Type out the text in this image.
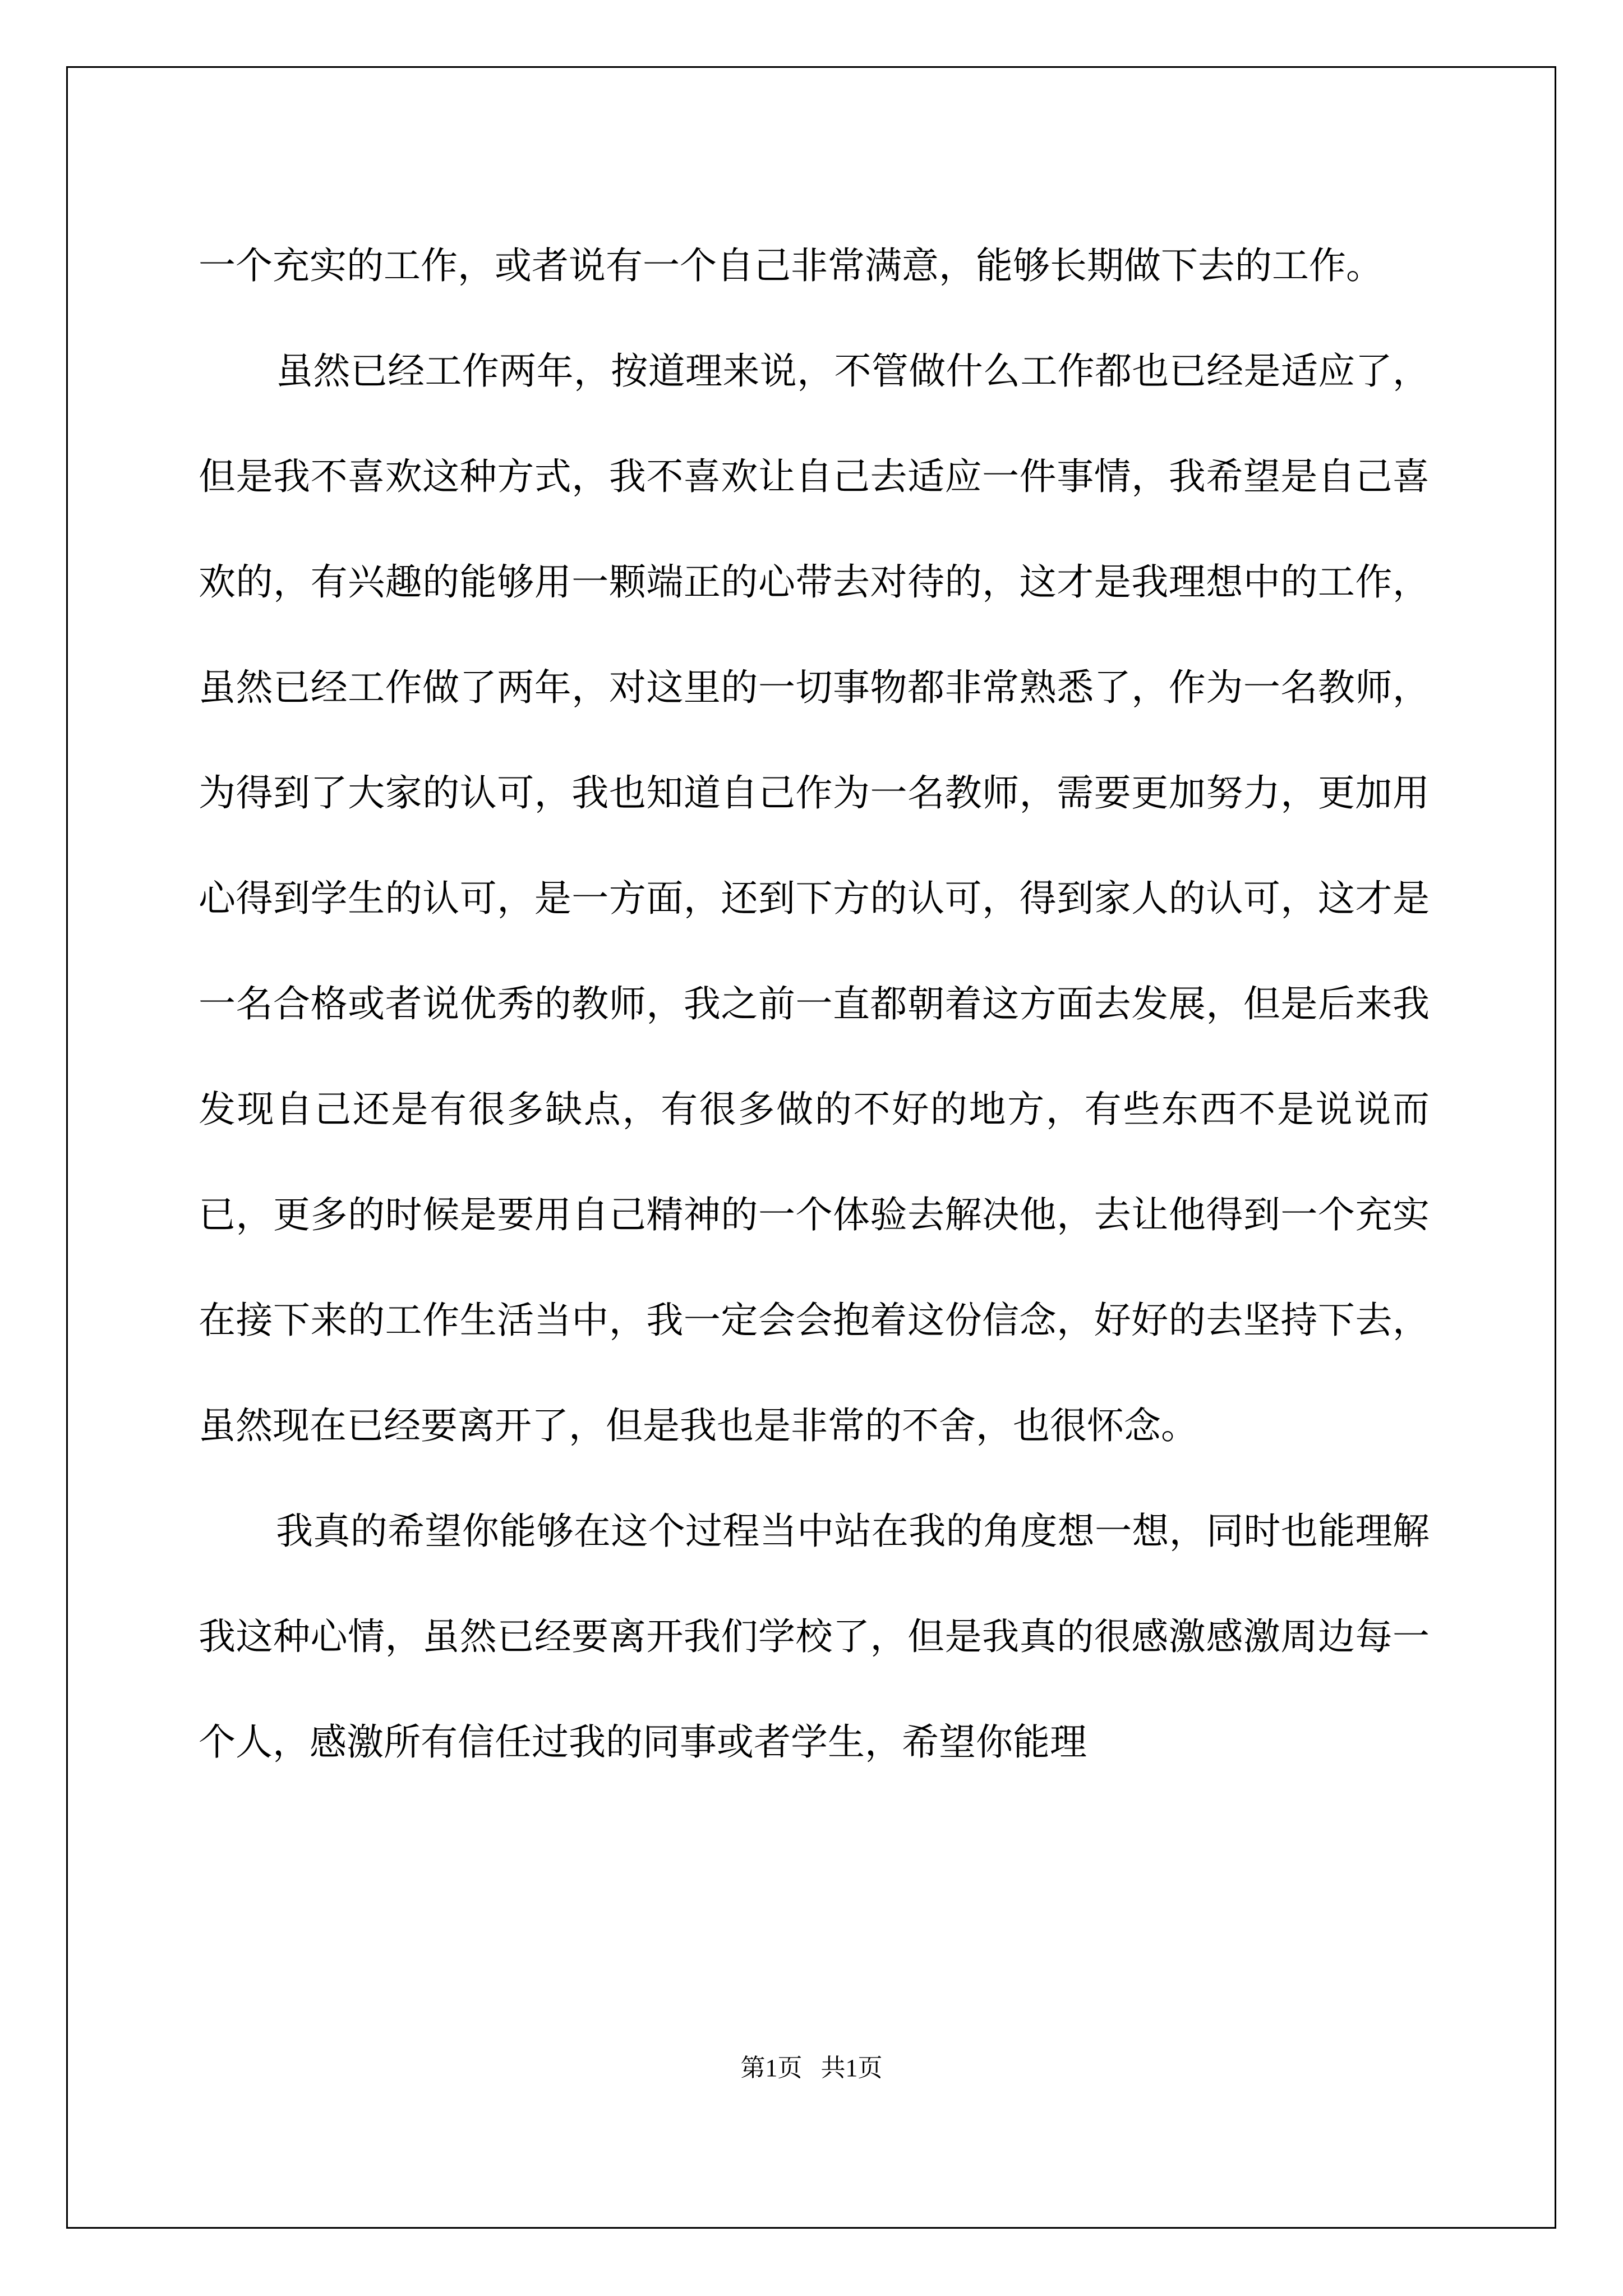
一个充实的工作，或者说有一个自己非常满意，能够长期做下去的工作。

虽然已经工作两年，按道理来说，不管做什么工作都也已经是适应了，但是我不喜欢这种方式，我不喜欢让自己去适应一件事情，我希望是自己喜欢的，有兴趣的能够用一颗端正的心带去对待的，这才是我理想中的工作，虽然已经工作做了两年，对这里的一切事物都非常熟悉了，作为一名教师，为得到了大家的认可，我也知道自己作为一名教师，需要更加努力，更加用心得到学生的认可，是一方面，还到下方的认可，得到家人的认可，这才是一名合格或者说优秀的教师，我之前一直都朝着这方面去发展，但是后来我发现自己还是有很多缺点，有很多做的不好的地方，有些东西不是说说而已，更多的时候是要用自己精神的一个体验去解决他，去让他得到一个充实在接下来的工作生活当中，我一定会会抱着这份信念，好好的去坚持下去，虽然现在已经要离开了，但是我也是非常的不舍，也很怀念。

我真的希望你能够在这个过程当中站在我的角度想一想，同时也能理解我这种心情，虽然已经要离开我们学校了，但是我真的很感激感激周边每一个人，感激所有信任过我的同事或者学生，希望你能理

第1页   共1页
